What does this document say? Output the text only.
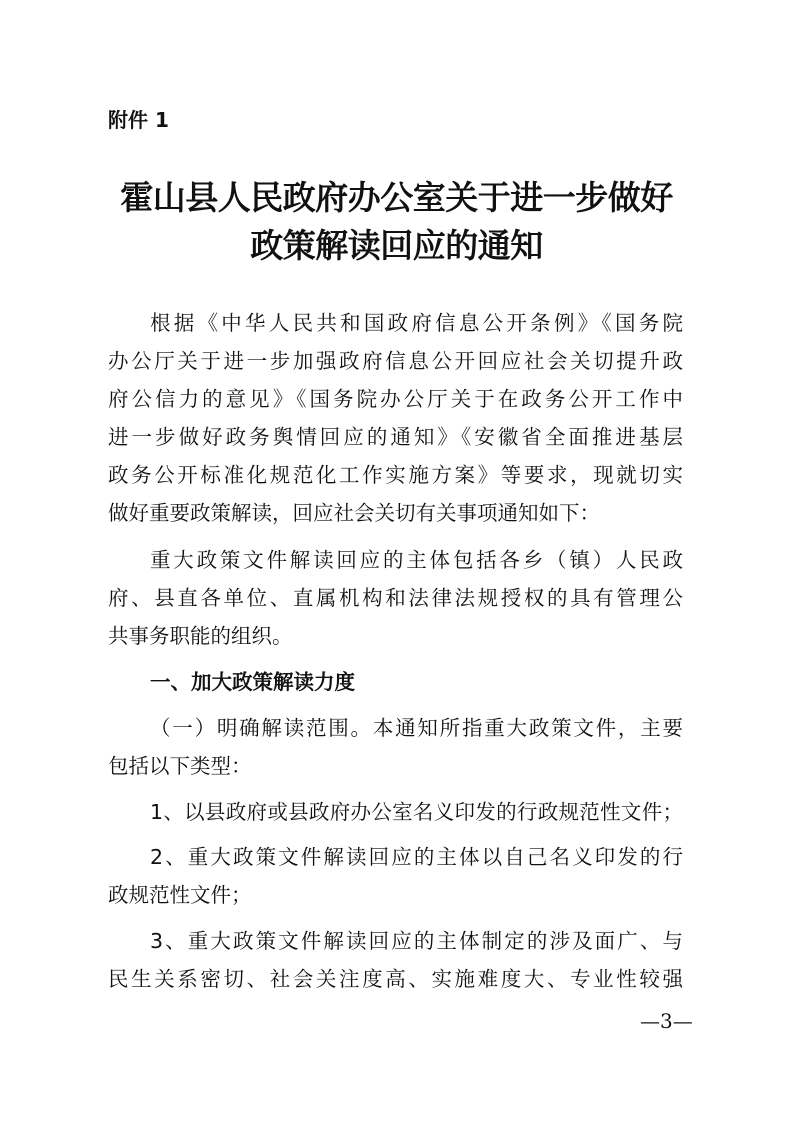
附件 1
霍山县人民政府办公室关于进一步做好
政策解读回应的通知
根据《中华人民共和国政府信息公开条例》《国务院
办公厅关于进一步加强政府信息公开回应社会关切提升政
府公信力的意见》《国务院办公厅关于在政务公开工作中
进一步做好政务舆情回应的通知》《安徽省全面推进基层
政务公开标准化规范化工作实施方案》等要求，现就切实
做好重要政策解读，回应社会关切有关事项通知如下：
重大政策文件解读回应的主体包括各乡（镇）人民政
府、县直各单位、直属机构和法律法规授权的具有管理公
共事务职能的组织。
一、加大政策解读力度
（一）明确解读范围。本通知所指重大政策文件，主要
包括以下类型：
1、以县政府或县政府办公室名义印发的行政规范性文件；
2、重大政策文件解读回应的主体以自己名义印发的行
政规范性文件；
3、重大政策文件解读回应的主体制定的涉及面广、与
民生关系密切、社会关注度高、实施难度大、专业性较强
—3—
